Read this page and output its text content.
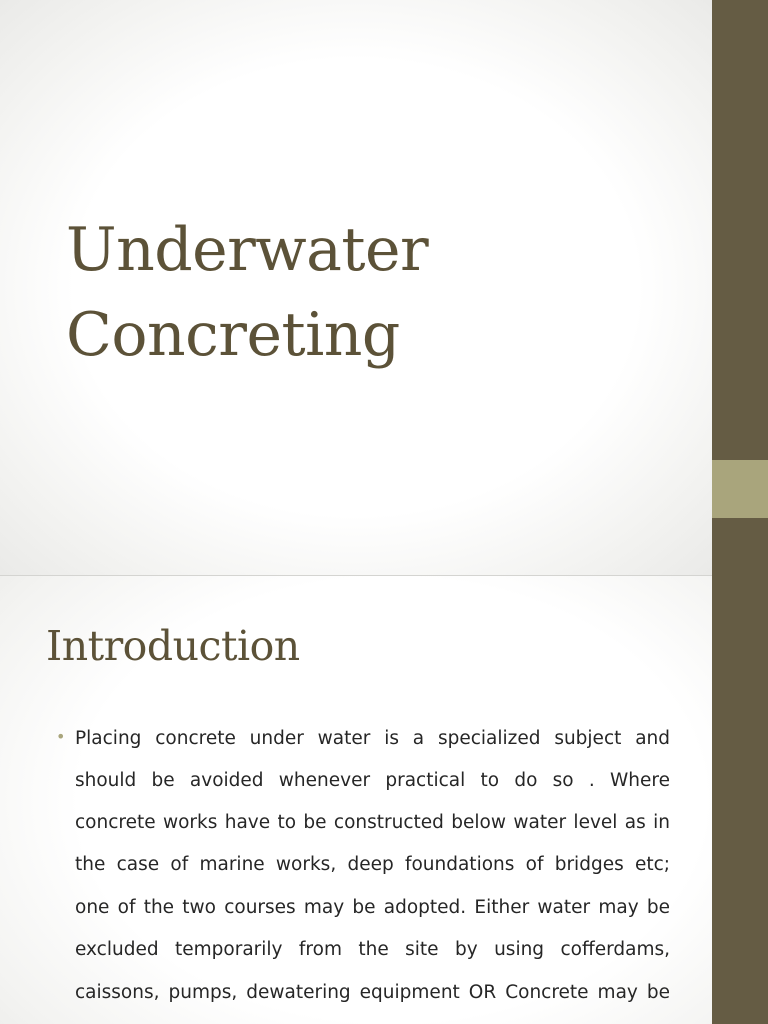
Underwater
Concreting
Introduction
• Placing concrete under water is a specialized subject and
should be avoided whenever practical to do so . Where
concrete works have to be constructed below water level as in
the case of marine works, deep foundations of bridges etc;
one of the two courses may be adopted. Either water may be
excluded temporarily from the site by using cofferdams,
caissons, pumps, dewatering equipment OR Concrete may be
